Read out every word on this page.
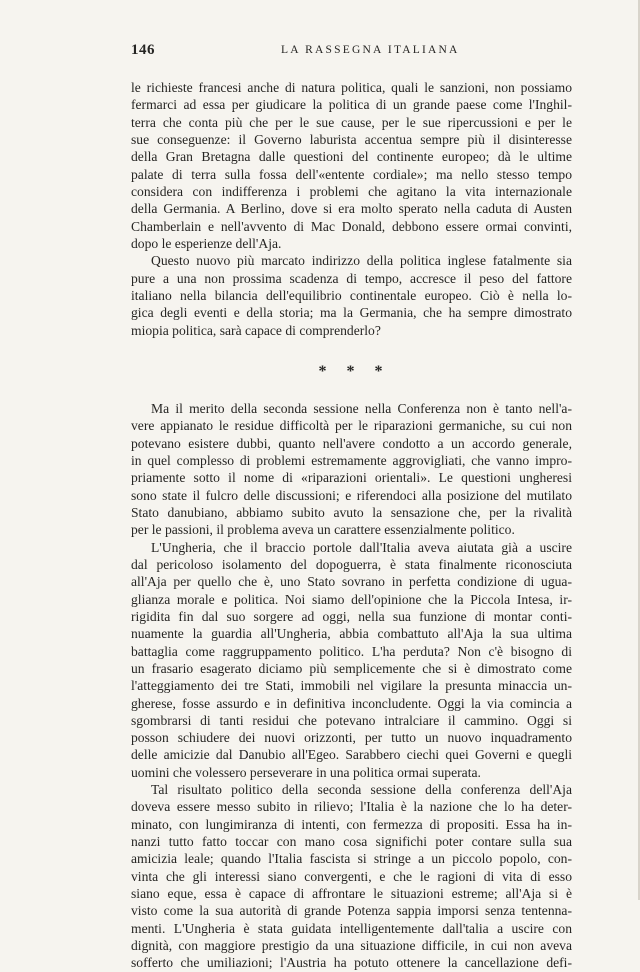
146	LA RASSEGNA ITALIANA
le richieste francesi anche di natura politica, quali le sanzioni, non possiamo
fermarci ad essa per giudicare la politica di un grande paese come l'Inghil-
terra che conta più che per le sue cause, per le sue ripercussioni e per le
sue conseguenze: il Governo laburista accentua sempre più il disinteresse
della Gran Bretagna dalle questioni del continente europeo; dà le ultime
palate di terra sulla fossa dell'«entente cordiale»; ma nello stesso tempo
considera con indifferenza i problemi che agitano la vita internazionale
della Germania. A Berlino, dove si era molto sperato nella caduta di Austen
Chamberlain e nell'avvento di Mac Donald, debbono essere ormai convinti,
dopo le esperienze dell'Aja.
Questo nuovo più marcato indirizzo della politica inglese fatalmente sia
pure a una non prossima scadenza di tempo, accresce il peso del fattore
italiano nella bilancia dell'equilibrio continentale europeo. Ciò è nella lo-
gica degli eventi e della storia; ma la Germania, che ha sempre dimostrato
miopia politica, sarà capace di comprenderlo?
* * *
Ma il merito della seconda sessione nella Conferenza non è tanto nell'a-
vere appianato le residue difficoltà per le riparazioni germaniche, su cui non
potevano esistere dubbi, quanto nell'avere condotto a un accordo generale,
in quel complesso di problemi estremamente aggrovigliati, che vanno impro-
priamente sotto il nome di «riparazioni orientali». Le questioni ungheresi
sono state il fulcro delle discussioni; e riferendoci alla posizione del mutilato
Stato danubiano, abbiamo subito avuto la sensazione che, per la rivalità
per le passioni, il problema aveva un carattere essenzialmente politico.
L'Ungheria, che il braccio portole dall'Italia aveva aiutata già a uscire
dal pericoloso isolamento del dopoguerra, è stata finalmente riconosciuta
all'Aja per quello che è, uno Stato sovrano in perfetta condizione di ugua-
glianza morale e politica. Noi siamo dell'opinione che la Piccola Intesa, ir-
rigidita fin dal suo sorgere ad oggi, nella sua funzione di montar conti-
nuamente la guardia all'Ungheria, abbia combattuto all'Aja la sua ultima
battaglia come raggruppamento politico. L'ha perduta? Non c'è bisogno di
un frasario esagerato diciamo più semplicemente che si è dimostrato come
l'atteggiamento dei tre Stati, immobili nel vigilare la presunta minaccia un-
gherese, fosse assurdo e in definitiva inconcludente. Oggi la via comincia a
sgombrarsi di tanti residui che potevano intralciare il cammino. Oggi si
posson schiudere dei nuovi orizzonti, per tutto un nuovo inquadramento
delle amicizie dal Danubio all'Egeo. Sarabbero ciechi quei Governi e quegli
uomini che volessero perseverare in una politica ormai superata.
Tal risultato politico della seconda sessione della conferenza dell'Aja
doveva essere messo subito in rilievo; l'Italia è la nazione che lo ha deter-
minato, con lungimiranza di intenti, con fermezza di propositi. Essa ha in-
nanzi tutto fatto toccar con mano cosa significhi poter contare sulla sua
amicizia leale; quando l'Italia fascista si stringe a un piccolo popolo, con-
vinta che gli interessi siano convergenti, e che le ragioni di vita di esso
siano eque, essa è capace di affrontare le situazioni estreme; all'Aja si è
visto come la sua autorità di grande Potenza sappia imporsi senza tentenna-
menti. L'Ungheria è stata guidata intelligentemente dall'talia a uscire con
dignità, con maggiore prestigio da una situazione difficile, in cui non aveva
sofferto che umiliazioni; l'Austria ha potuto ottenere la cancellazione defi-
